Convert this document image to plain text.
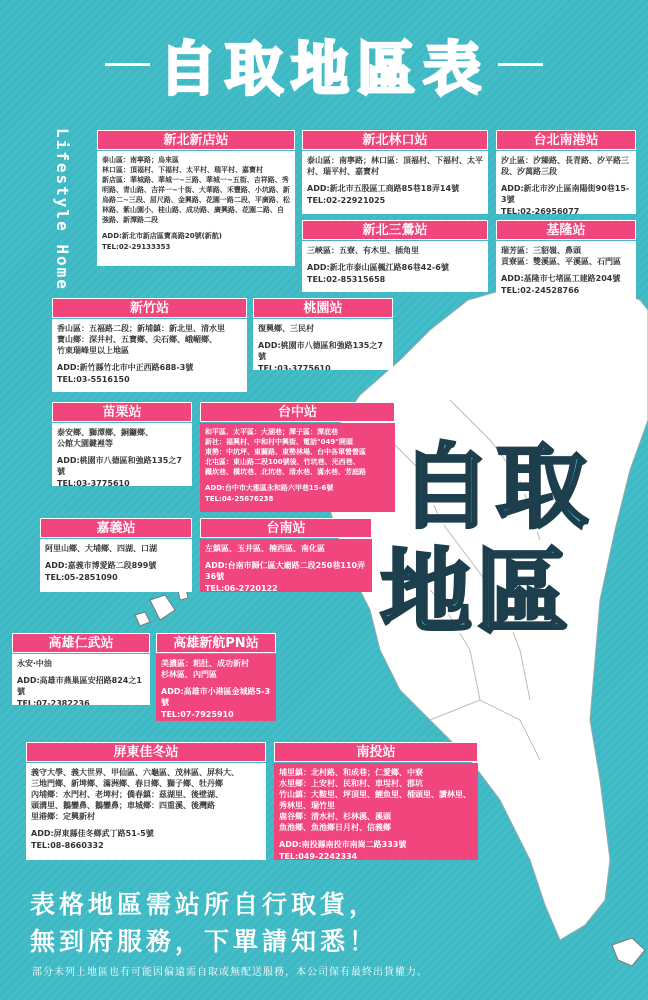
自取地區表
Lifestyle Home
自取
地區
新北新店站
泰山區：南寧路；烏來區
林口區：頂福村、下福村、太平村、瑞平村、嘉寶村
新店區：華城路、華城一~三路、華城一~五街、吉祥路、秀明路、青山路、吉祥一~十街、大華路、禾豐路、小坑路、新烏路二~三段、屈尺路、金興路、花園一路二段、平廣路、松林路、紫山園小、桂山路、成功路、廣興路、花園二路、自強路、新潭路二段
ADD:新北市新店區寶高路20號(新航)
TEL:02-29133353
新北林口站
泰山區：南寧路；林口區：頂福村、下福村、太平村、瑞平村、嘉寶村
ADD:新北市五股區工商路85巷18弄14號
TEL:02-22921025
台北南港站
汐止區：汐臻路、長青路、汐平路三段、汐萬路三段
ADD:新北市汐止區南陽街90巷15-3號
TEL:02-26956077
新北三鶯站
三峽區：五寮、有木里、插角里
ADD:新北市泰山區楓江路86巷42-6號
TEL:02-85315658
基隆站
瑞芳區：三貂嶺、鼻頭
貢寮區：雙溪區、平溪區、石門區
ADD:基隆市七堵區工建路204號
TEL:02-24528766
新竹站
香山區：五福路二段；新埔鎮：新北里、清水里
寶山鄉：深井村、五寶鄉、尖石鄉、峨嵋鄉、
竹東瑞峰里以上地區
ADD:新竹縣竹北市中正西路688-3號
TEL:03-5516150
桃園站
復興鄉、三民村
ADD:桃園市八德區和強路135之7號
TEL:03-3775610
苗栗站
泰安鄉、獅潭鄉、銅鑼鄉、
公館大園鍵裡等
ADD:桃園市八德區和強路135之7號
TEL:03-3775610
台中站
和平區、太平區：大湖巷；潭子區：潭底巷
新社：福興村、中和村中興街、電話"049"開頭
東勢：中坑坪、東關路、東勢林場、台中各軍營營區
北屯區：東山路二段100號後、竹坑巷、光西巷、
鐵坎巷、橫坑巷、北坑巷、清水巷、滿水巷、芳庭路
ADD:台中市大雅區永和路六甲巷15-6號
TEL:04-25676238
嘉義站
阿里山鄉、大埔鄉、四湖、口湖
ADD:嘉義市博愛路二段899號
TEL:05-2851090
台南站
左鎮區、玉井區、楠西區、南化區
ADD:台南市歸仁區大廟路二段250巷110弄36號
TEL:06-2720122
高雄仁武站
永安‧中油
ADD:高雄市燕巢區安招路824之1號
TEL:07-2382236
高雄新航PN站
美濃區：耜肚、成功新村
杉林區、內門區
ADD:高雄市小港區金城路5-3號
TEL:07-7925910
屏東佳冬站
義守大學、義大世界、甲仙區、六龜區、茂林區、屏科大、
三地門鄉、新埤鄉、滿洲鄉、春日鄉、獅子鄉、牡丹鄉
內埔鄉：水門村、老埤村；僑春鎮：茲湖里、後壁湖、
頭溝里、鵝鑾鼻、鵝鑾鼻；車城鄉：四重溪、後灣路
里港鄉：定興新村
ADD:屏東縣佳冬鄉武丁路51-5號
TEL:08-8660332
南投站
埔里鎮：北村路、和成巷；仁愛鄉、中寮
水里鄉：上安村、民和村、車埕村、郡坑
竹山鎮：大鞍里、坪頂里、鯉魚里、桶頭里、讚林里、
秀林里、瑞竹里
鹿谷鄉：清水村、杉林溪、溪頭
魚池鄉、魚池鄉日月村、信義鄉
ADD:南投縣南投市南崗二路333號
TEL:049-2242334
表格地區需站所自行取貨，
無到府服務，下單請知悉！
部分未列上地區也有可能因偏遠需自取或無配送服務，本公司保有最終出貨權力。
